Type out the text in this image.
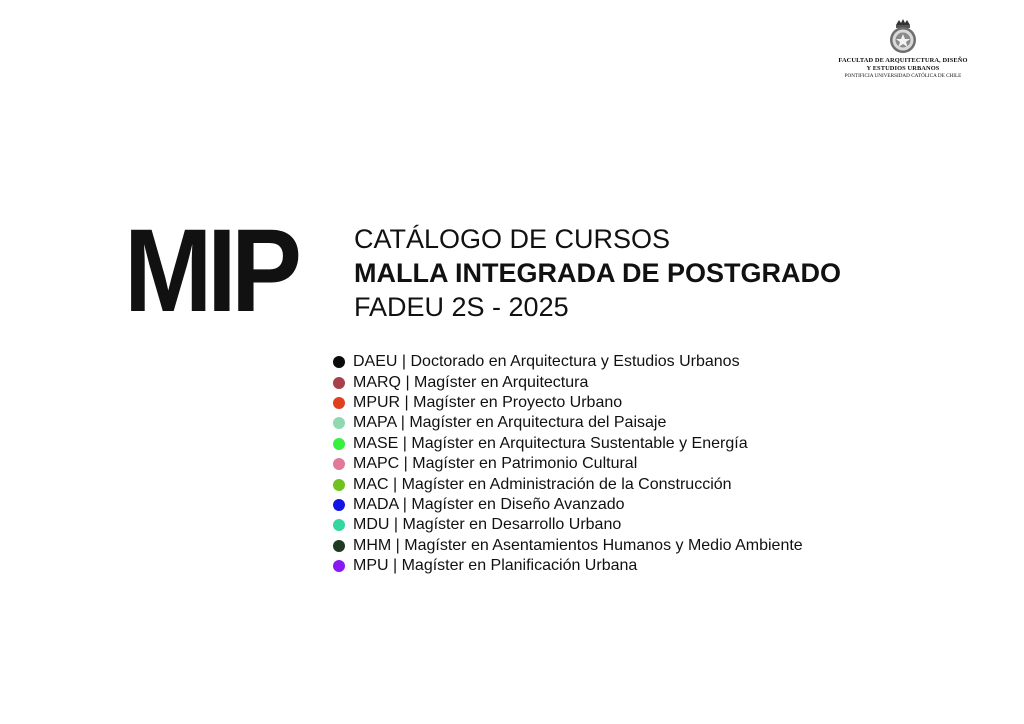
FACULTAD DE ARQUITECTURA, DISEÑO
Y ESTUDIOS URBANOS
PONTIFICIA UNIVERSIDAD CATÓLICA DE CHILE
MIP CATÁLOGO DE CURSOS
MALLA INTEGRADA DE POSTGRADO
FADEU 2S - 2025
DAEU | Doctorado en Arquitectura y Estudios Urbanos
MARQ | Magíster en Arquitectura
MPUR | Magíster en Proyecto Urbano
MAPA | Magíster en Arquitectura del Paisaje
MASE | Magíster en Arquitectura Sustentable y Energía
MAPC | Magíster en Patrimonio Cultural
MAC | Magíster en Administración de la Construcción
MADA | Magíster en Diseño Avanzado
MDU | Magíster en Desarrollo Urbano
MHM | Magíster en Asentamientos Humanos y Medio Ambiente
MPU | Magíster en Planificación Urbana
